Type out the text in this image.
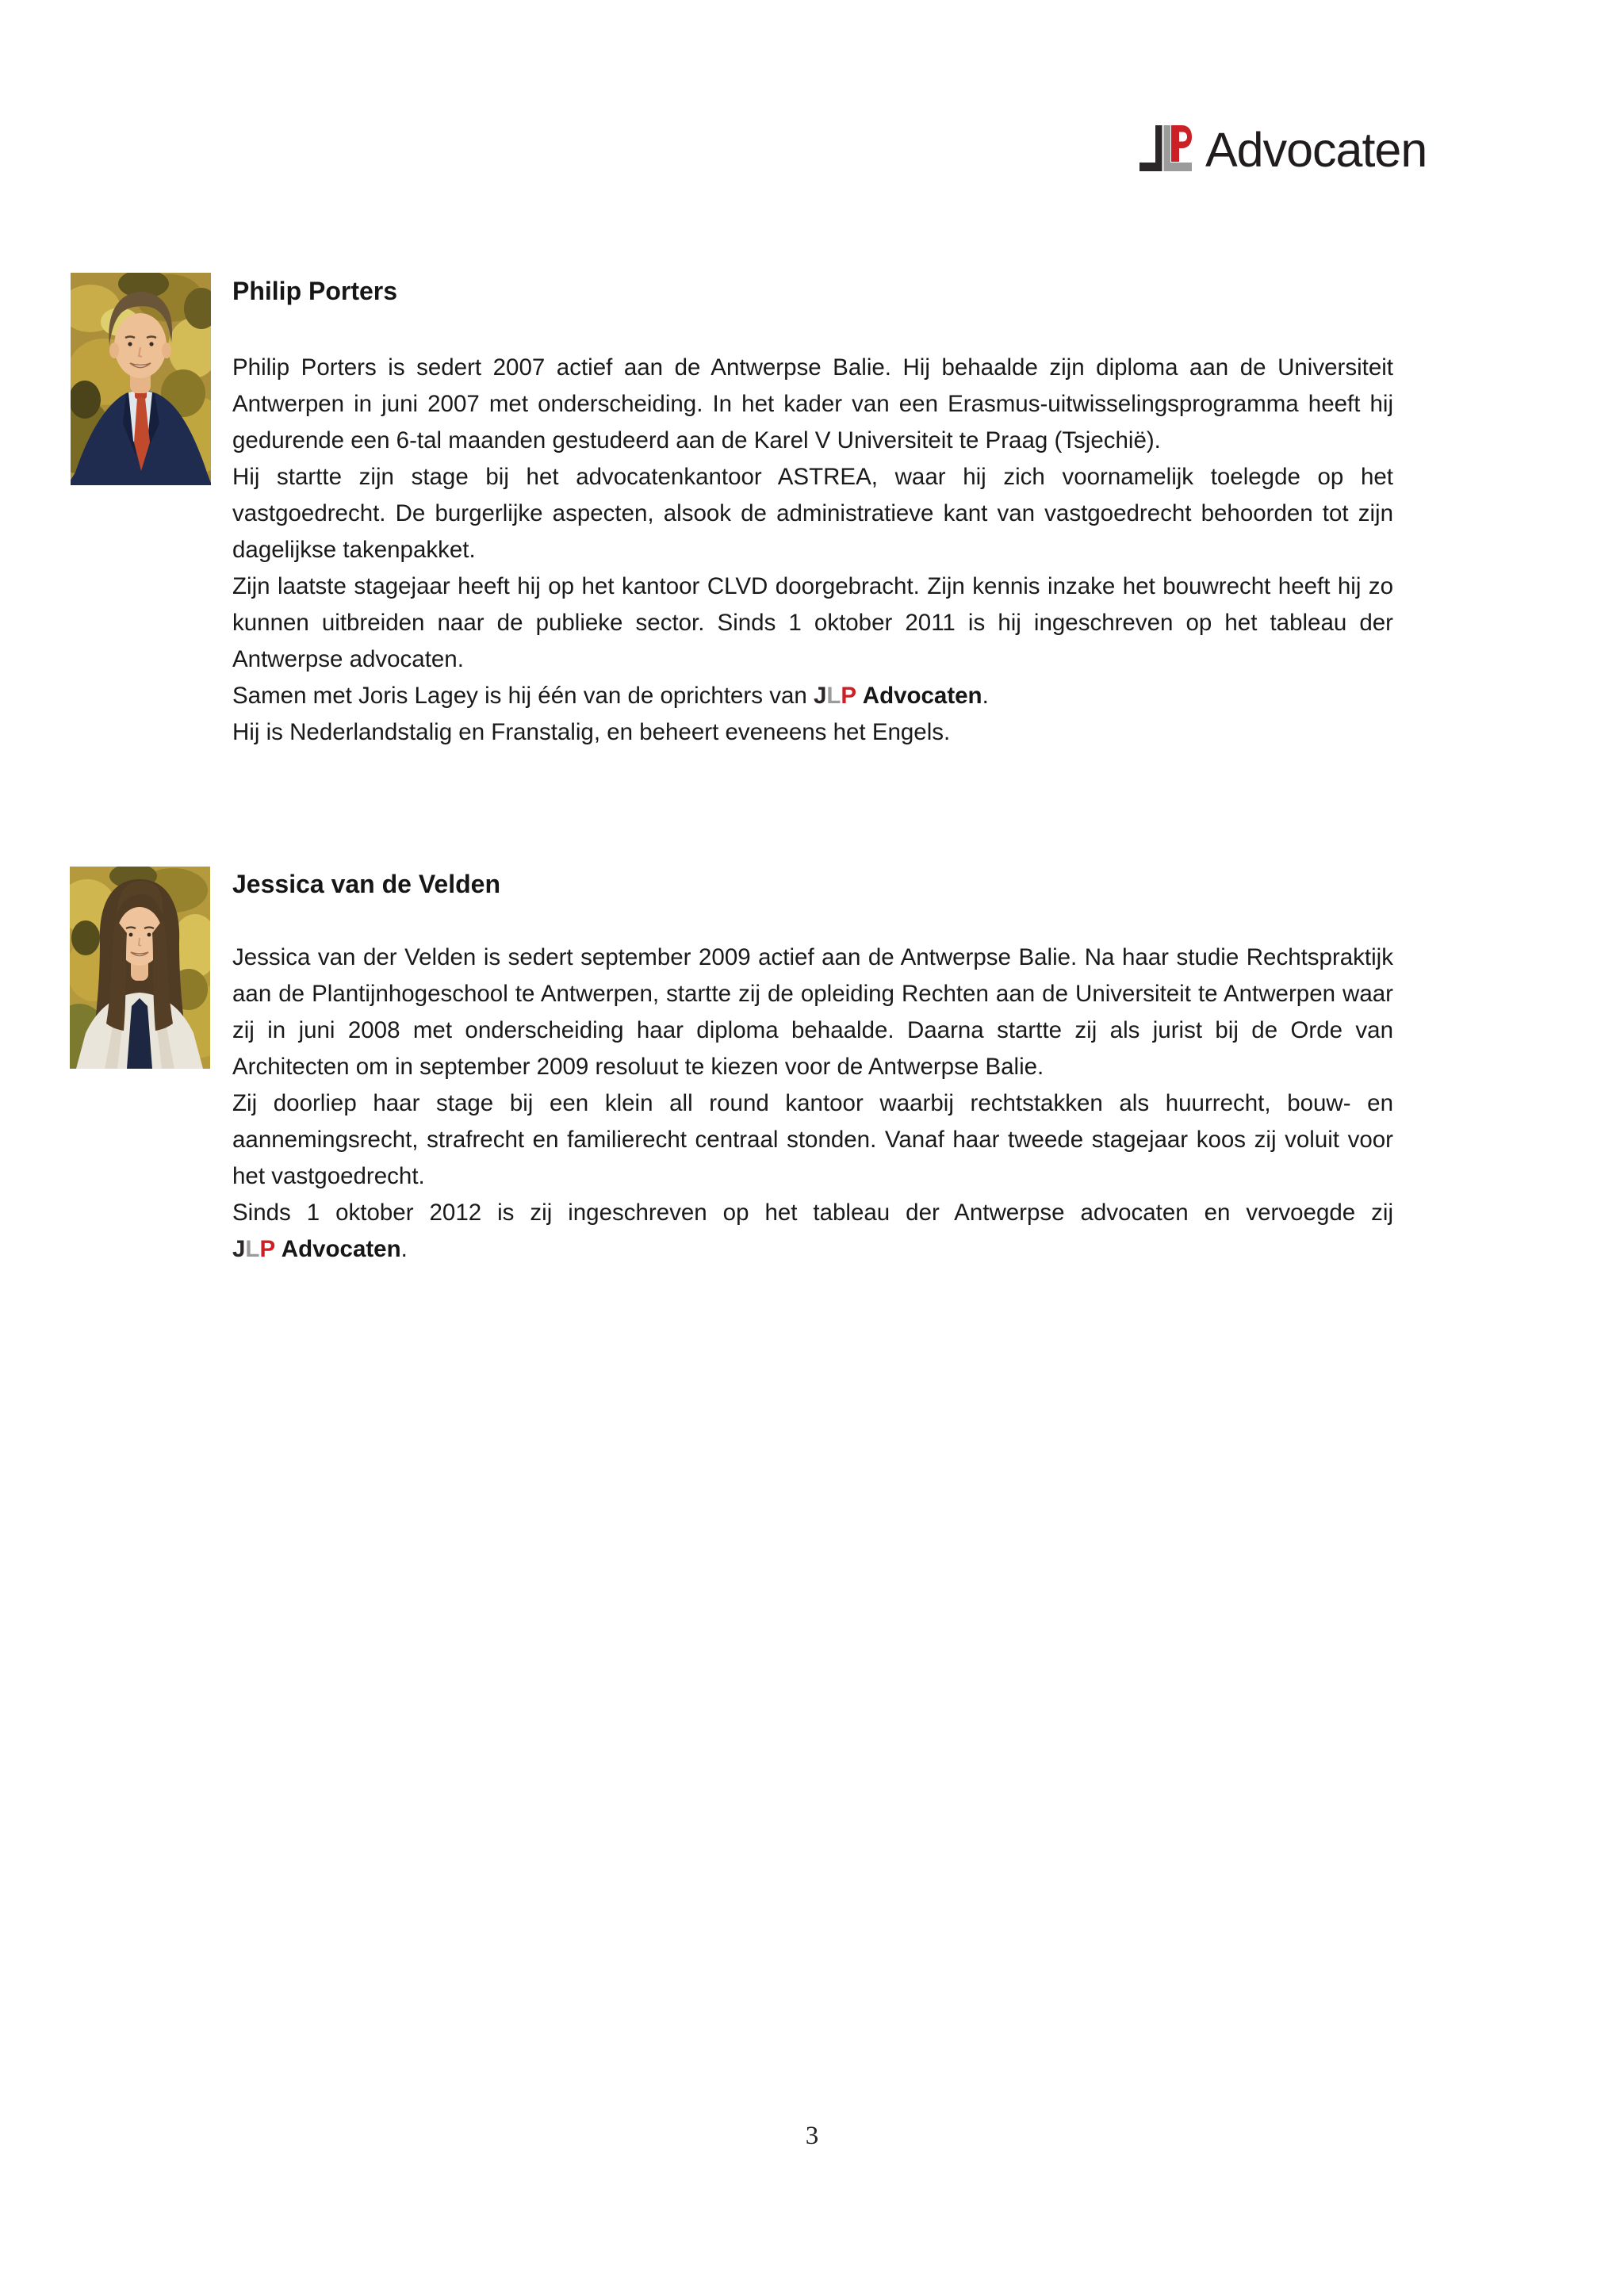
Advocaten
Philip Porters

Philip Porters is sedert 2007 actief aan de Antwerpse Balie. Hij behaalde zijn diploma aan de Universiteit Antwerpen in juni 2007 met onderscheiding. In het kader van een Erasmus-uitwisselingsprogramma heeft hij gedurende een 6-tal maanden gestudeerd aan de Karel V Universiteit te Praag (Tsjechië).

Hij startte zijn stage bij het advocatenkantoor ASTREA, waar hij zich voornamelijk toelegde op het vastgoedrecht. De burgerlijke aspecten, alsook de administratieve kant van vastgoedrecht behoorden tot zijn dagelijkse takenpakket.

Zijn laatste stagejaar heeft hij op het kantoor CLVD doorgebracht. Zijn kennis inzake het bouwrecht heeft hij zo kunnen uitbreiden naar de publieke sector. Sinds 1 oktober 2011 is hij ingeschreven op het tableau der Antwerpse advocaten.

Samen met Joris Lagey is hij één van de oprichters van JLP Advocaten.

Hij is Nederlandstalig en Franstalig, en beheert eveneens het Engels.

Jessica van de Velden

Jessica van der Velden is sedert september 2009 actief aan de Antwerpse Balie. Na haar studie Rechtspraktijk aan de Plantijnhogeschool te Antwerpen, startte zij de opleiding Rechten aan de Universiteit te Antwerpen waar zij in juni 2008 met onderscheiding haar diploma behaalde. Daarna startte zij als jurist bij de Orde van Architecten om in september 2009 resoluut te kiezen voor de Antwerpse Balie.

Zij doorliep haar stage bij een klein all round kantoor waarbij rechtstakken als huurrecht, bouw- en aannemingsrecht, strafrecht en familierecht centraal stonden. Vanaf haar tweede stagejaar koos zij voluit voor het vastgoedrecht.

Sinds 1 oktober 2012 is zij ingeschreven op het tableau der Antwerpse advocaten en vervoegde zij JLP Advocaten.

3
